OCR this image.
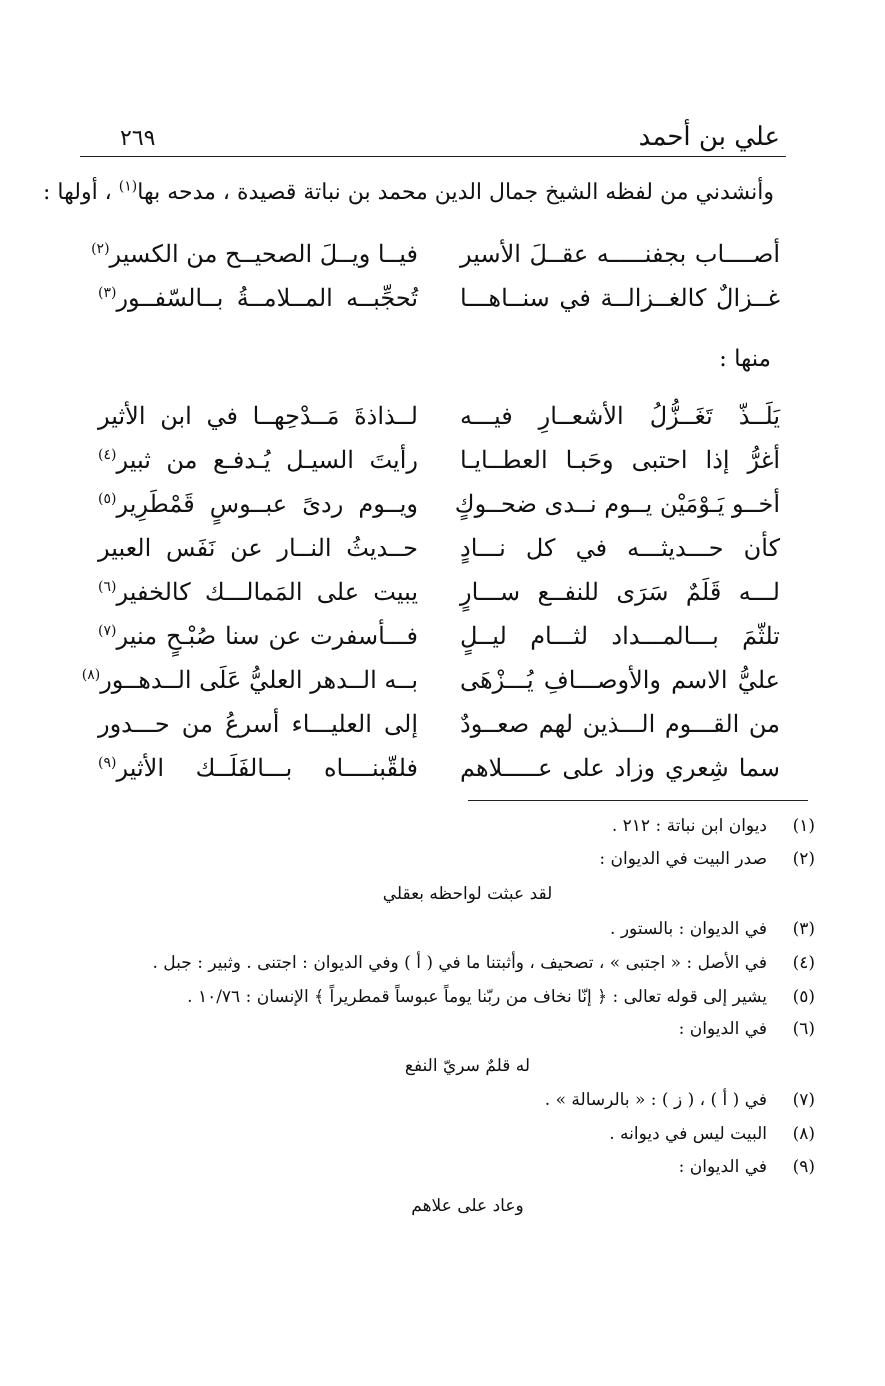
علي بن أحمد
٢٦٩
وأنشدني من لفظه الشيخ جمال الدين محمد بن نباتة قصيدة ، مدحه بها$^{(١)}$ ، أولها :
أصــــاب بجفنـــــه عقــلَ الأسير
فيــا ويــلَ الصحيــح من الكسير$^{(٢)}$
غــزالٌ كالغــزالــة في سنــاهـــا
تُحجِّبــه المــلامــةُ بــالسّفــور$^{(٣)}$
منها :
يَلَــذّ تَغَــزُّلُ الأشعــارِ فيـــه
لــذاذةَ مَــدْحِهــا في ابن الأثير
أغرُّ إذا احتبى وحَبـا العطــايـا
رأيتَ السيـل يُـدفـع من ثبير$^{(٤)}$
أخــو يَـوْمَيْن يــوم نــدى ضحــوكٍ
ويــوم ردىً عبــوسٍ قَمْطَرِير$^{(٥)}$
كأن حـــديثـــه في كل نـــادٍ
حــديثُ النــار عن نَفَس العبير
لـــه قَلَمٌ سَرَى للنفــع ســـارٍ
يبيت على المَمالـــك كالخفير$^{(٦)}$
تلثّمَ بـــالمـــداد لثـــام ليــلٍ
فـــأسفرت عن سنا صُبْـحٍ منير$^{(٧)}$
عليُّ الاسم والأوصـــافِ يُـــزْهَى
بــه الــدهر العليُّ عَلَى الــدهــور$^{(٨)}$
من القـــوم الـــذين لهم صعــودٌ
إلى العليـــاء أسرعُ من حـــدور
سما شِعري وزاد على عـــــلاهم
فلقّبنــــاه بـــالفَلَــك الأثير$^{(٩)}$
(١)ديوان ابن نباتة : ٢١٢ .
(٢)صدر البيت في الديوان :
لقد عبثت لواحظه بعقلي
(٣)في الديوان : بالستور .
(٤)في الأصل : « اجتبى » ، تصحيف ، وأثبتنا ما في ( أ ) وفي الديوان : اجتنى . وثبير : جبل .
(٥)يشير إلى قوله تعالى : ﴿ إنّا نخاف من ربّنا يوماً عبوساً قمطريراً ﴾ الإنسان : ١٠/٧٦ .
(٦)في الديوان :
له قلمٌ سريّ النفع
(٧)في ( أ ) ، ( ز ) : « بالرسالة » .
(٨)البيت ليس في ديوانه .
(٩)في الديوان :
وعاد على علاهم
